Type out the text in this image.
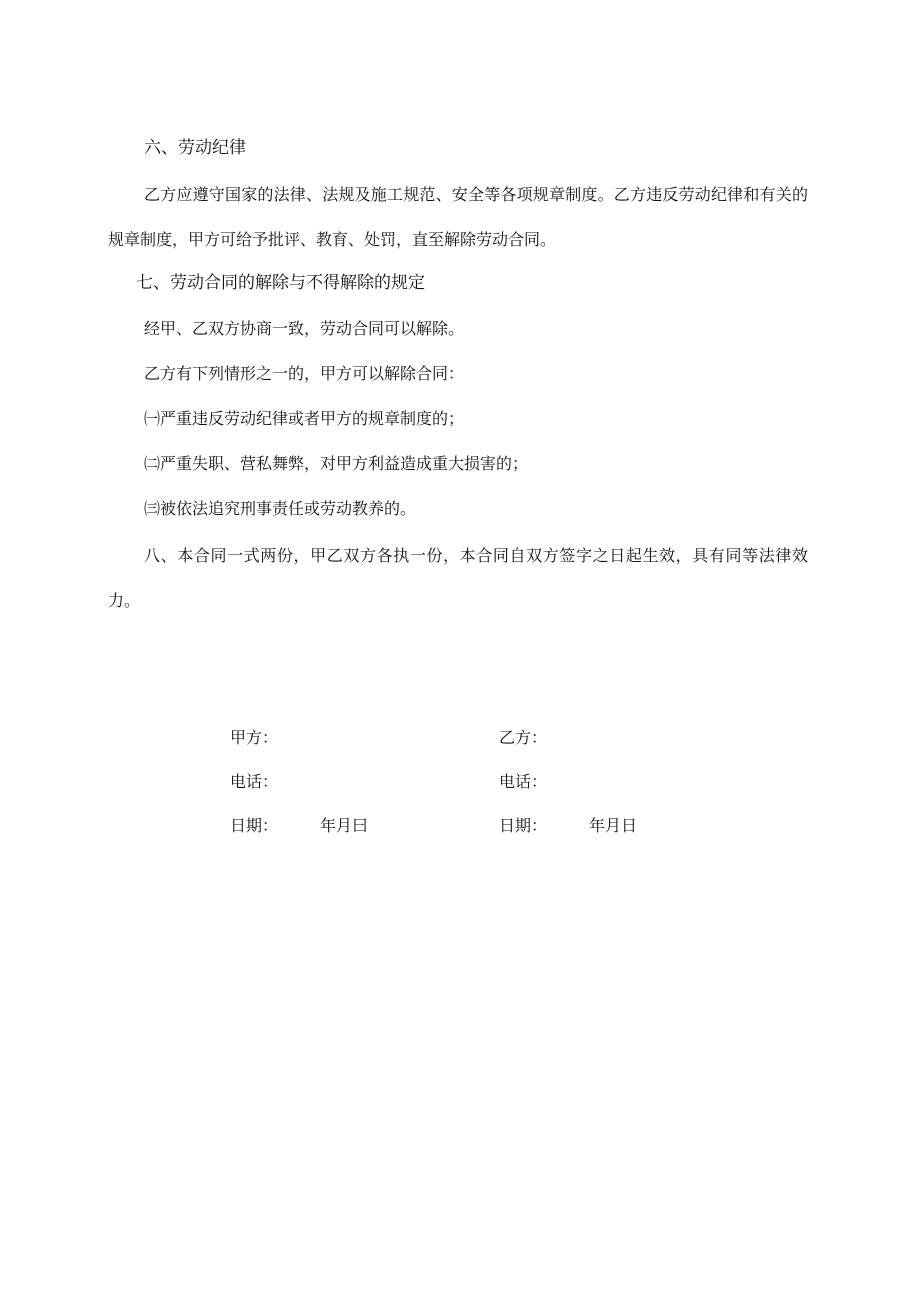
六、劳动纪律
乙方应遵守国家的法律、法规及施工规范、安全等各项规章制度。乙方违反劳动纪律和有关的规章制度，甲方可给予批评、教育、处罚，直至解除劳动合同。
七、劳动合同的解除与不得解除的规定
经甲、乙双方协商一致，劳动合同可以解除。
乙方有下列情形之一的，甲方可以解除合同：
㈠严重违反劳动纪律或者甲方的规章制度的；
㈡严重失职、营私舞弊，对甲方利益造成重大损害的；
㈢被依法追究刑事责任或劳动教养的。
八、本合同一式两份，甲乙双方各执一份，本合同自双方签字之日起生效，具有同等法律效力。
甲方：
电话：
日期：	年月曰
乙方：
电话：
日期：	年月日
